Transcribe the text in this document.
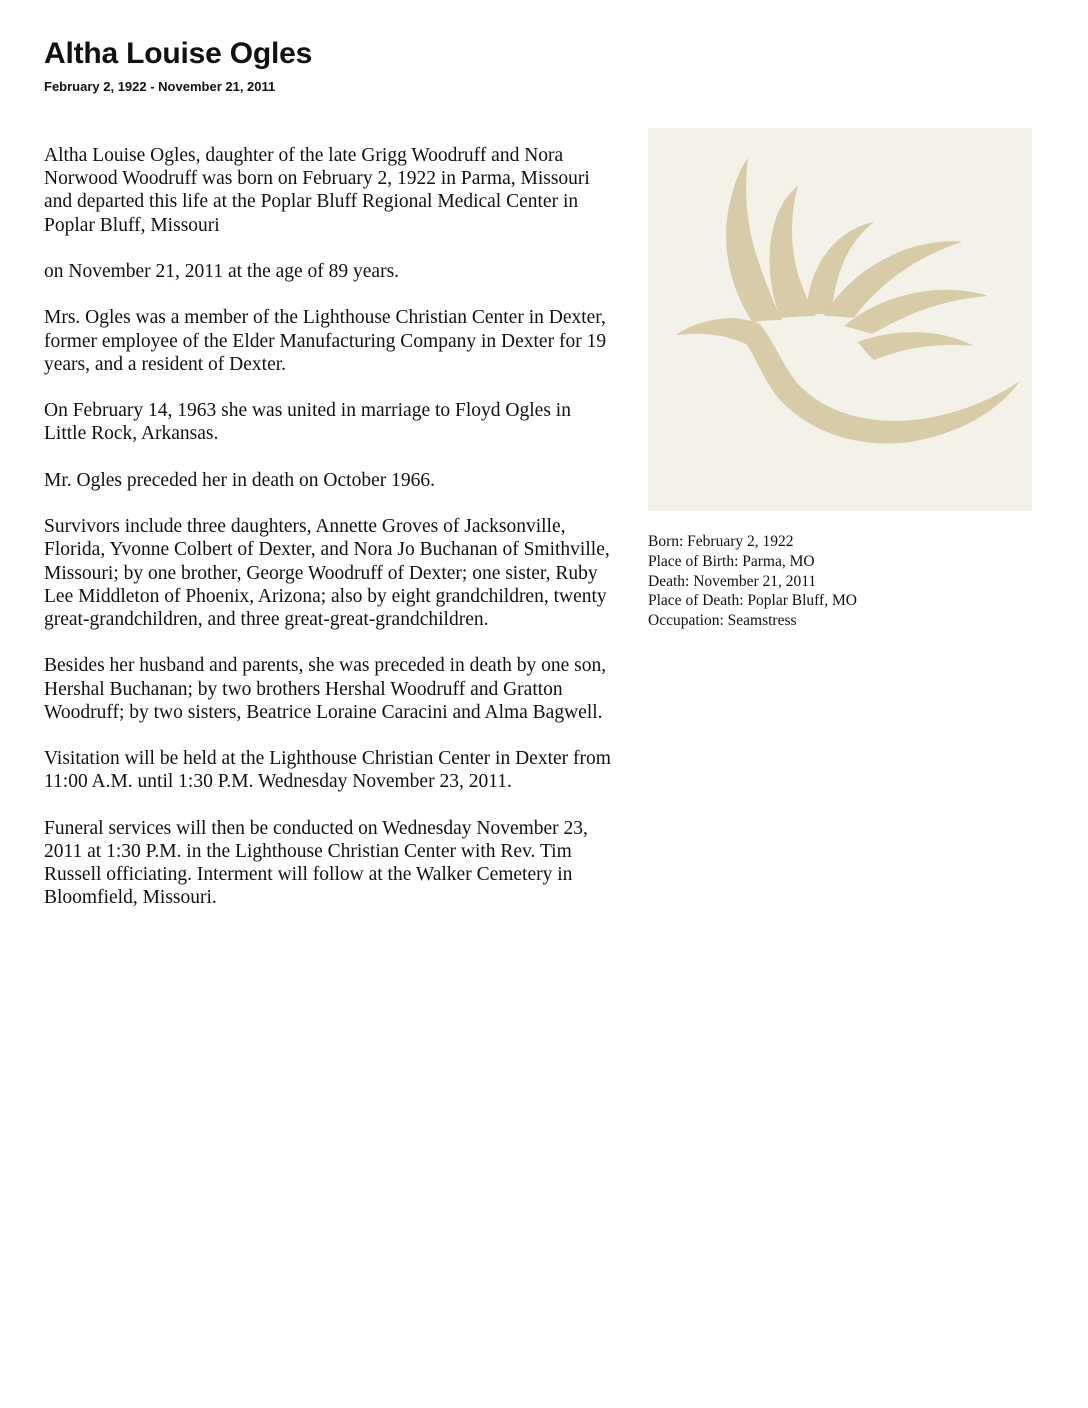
Altha Louise Ogles
February 2, 1922 - November 21, 2011

Altha Louise Ogles, daughter of the late Grigg Woodruff and Nora Norwood Woodruff was born on February 2, 1922 in Parma, Missouri and departed this life at the Poplar Bluff Regional Medical Center in Poplar Bluff, Missouri

on November 21, 2011 at the age of 89 years.

Mrs. Ogles was a member of the Lighthouse Christian Center in Dexter, former employee of the Elder Manufacturing Company in Dexter for 19 years, and a resident of Dexter.

On February 14, 1963 she was united in marriage to Floyd Ogles in Little Rock, Arkansas.

Mr. Ogles preceded her in death on October 1966.

Survivors include three daughters, Annette Groves of Jacksonville, Florida, Yvonne Colbert of Dexter, and Nora Jo Buchanan of Smithville, Missouri; by one brother, George Woodruff of Dexter; one sister, Ruby Lee Middleton of Phoenix, Arizona; also by eight grandchildren, twenty great-grandchildren, and three great-great-grandchildren.

Besides her husband and parents, she was preceded in death by one son, Hershal Buchanan; by two brothers Hershal Woodruff and Gratton Woodruff; by two sisters, Beatrice Loraine Caracini and Alma Bagwell.

Visitation will be held at the Lighthouse Christian Center in Dexter from 11:00 A.M. until 1:30 P.M. Wednesday November 23, 2011.

Funeral services will then be conducted on Wednesday November 23, 2011 at 1:30 P.M. in the Lighthouse Christian Center with Rev. Tim Russell officiating. Interment will follow at the Walker Cemetery in Bloomfield, Missouri.

Born: February 2, 1922
Place of Birth: Parma, MO
Death: November 21, 2011
Place of Death: Poplar Bluff, MO
Occupation: Seamstress
